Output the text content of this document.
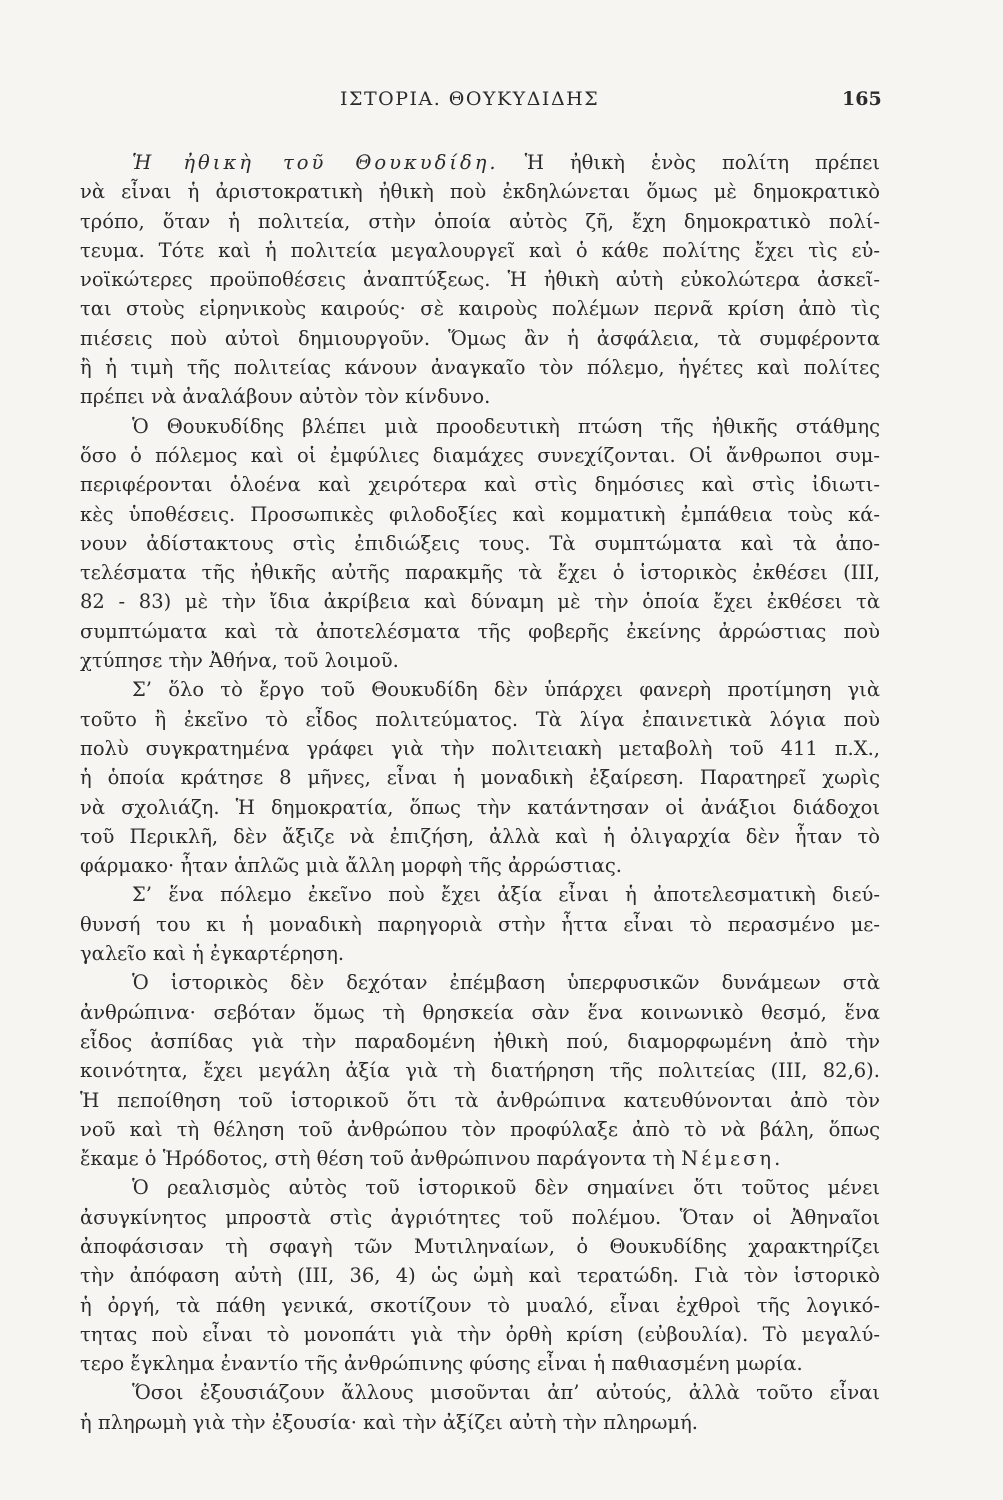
ΙΣΤΟΡΙΑ. ΘΟΥΚΥΔΙΔΗΣ	165
Ἡ ἠθικὴ τοῦ Θουκυδίδη. Ἡ ἠθικὴ ἑνὸς πολίτη πρέπει
νὰ εἶναι ἡ ἀριστοκρατικὴ ἠθικὴ ποὺ ἐκδηλώνεται ὅμως μὲ δημοκρατικὸ
τρόπο, ὅταν ἡ πολιτεία, στὴν ὁποία αὐτὸς ζῆ, ἔχη δημοκρατικὸ πολί-
τευμα. Τότε καὶ ἡ πολιτεία μεγαλουργεῖ καὶ ὁ κάθε πολίτης ἔχει τὶς εὐ-
νοϊκώτερες προϋποθέσεις ἀναπτύξεως. Ἡ ἠθικὴ αὐτὴ εὐκολώτερα ἀσκεῖ-
ται στοὺς εἰρηνικοὺς καιρούς· σὲ καιροὺς πολέμων περνᾶ κρίση ἀπὸ τὶς
πιέσεις ποὺ αὐτοὶ δημιουργοῦν. Ὅμως ἂν ἡ ἀσφάλεια, τὰ συμφέροντα
ἢ ἡ τιμὴ τῆς πολιτείας κάνουν ἀναγκαῖο τὸν πόλεμο, ἡγέτες καὶ πολίτες
πρέπει νὰ ἀναλάβουν αὐτὸν τὸν κίνδυνο.
Ὁ Θουκυδίδης βλέπει μιὰ προοδευτικὴ πτώση τῆς ἠθικῆς στάθμης
ὅσο ὁ πόλεμος καὶ οἱ ἐμφύλιες διαμάχες συνεχίζονται. Οἱ ἄνθρωποι συμ-
περιφέρονται ὁλοένα καὶ χειρότερα καὶ στὶς δημόσιες καὶ στὶς ἰδιωτι-
κὲς ὑποθέσεις. Προσωπικὲς φιλοδοξίες καὶ κομματικὴ ἐμπάθεια τοὺς κά-
νουν ἀδίστακτους στὶς ἐπιδιώξεις τους. Τὰ συμπτώματα καὶ τὰ ἀπο-
τελέσματα τῆς ἠθικῆς αὐτῆς παρακμῆς τὰ ἔχει ὁ ἱστορικὸς ἐκθέσει (III,
82 - 83) μὲ τὴν ἴδια ἀκρίβεια καὶ δύναμη μὲ τὴν ὁποία ἔχει ἐκθέσει τὰ
συμπτώματα καὶ τὰ ἀποτελέσματα τῆς φοβερῆς ἐκείνης ἀρρώστιας ποὺ
χτύπησε τὴν Ἀθήνα, τοῦ λοιμοῦ.
Σ’ ὅλο τὸ ἔργο τοῦ Θουκυδίδη δὲν ὑπάρχει φανερὴ προτίμηση γιὰ
τοῦτο ἢ ἐκεῖνο τὸ εἶδος πολιτεύματος. Τὰ λίγα ἐπαινετικὰ λόγια ποὺ
πολὺ συγκρατημένα γράφει γιὰ τὴν πολιτειακὴ μεταβολὴ τοῦ 411 π.Χ.,
ἡ ὁποία κράτησε 8 μῆνες, εἶναι ἡ μοναδικὴ ἐξαίρεση. Παρατηρεῖ χωρὶς
νὰ σχολιάζη. Ἡ δημοκρατία, ὅπως τὴν κατάντησαν οἱ ἀνάξιοι διάδοχοι
τοῦ Περικλῆ, δὲν ἄξιζε νὰ ἐπιζήση, ἀλλὰ καὶ ἡ ὀλιγαρχία δὲν ἦταν τὸ
φάρμακο· ἦταν ἁπλῶς μιὰ ἄλλη μορφὴ τῆς ἀρρώστιας.
Σ’ ἕνα πόλεμο ἐκεῖνο ποὺ ἔχει ἀξία εἶναι ἡ ἀποτελεσματικὴ διεύ-
θυνσή του κι ἡ μοναδικὴ παρηγοριὰ στὴν ἧττα εἶναι τὸ περασμένο με-
γαλεῖο καὶ ἡ ἐγκαρτέρηση.
Ὁ ἱστορικὸς δὲν δεχόταν ἐπέμβαση ὑπερφυσικῶν δυνάμεων στὰ
ἀνθρώπινα· σεβόταν ὅμως τὴ θρησκεία σὰν ἕνα κοινωνικὸ θεσμό, ἕνα
εἶδος ἀσπίδας γιὰ τὴν παραδομένη ἠθικὴ πού, διαμορφωμένη ἀπὸ τὴν
κοινότητα, ἔχει μεγάλη ἀξία γιὰ τὴ διατήρηση τῆς πολιτείας (III, 82,6).
Ἡ πεποίθηση τοῦ ἱστορικοῦ ὅτι τὰ ἀνθρώπινα κατευθύνονται ἀπὸ τὸν
νοῦ καὶ τὴ θέληση τοῦ ἀνθρώπου τὸν προφύλαξε ἀπὸ τὸ νὰ βάλη, ὅπως
ἔκαμε ὁ Ἡρόδοτος, στὴ θέση τοῦ ἀνθρώπινου παράγοντα τὴ Νέμεση.
Ὁ ρεαλισμὸς αὐτὸς τοῦ ἱστορικοῦ δὲν σημαίνει ὅτι τοῦτος μένει
ἀσυγκίνητος μπροστὰ στὶς ἀγριότητες τοῦ πολέμου. Ὅταν οἱ Ἀθηναῖοι
ἀποφάσισαν τὴ σφαγὴ τῶν Μυτιληναίων, ὁ Θουκυδίδης χαρακτηρίζει
τὴν ἀπόφαση αὐτὴ (III, 36, 4) ὡς ὠμὴ καὶ τερατώδη. Γιὰ τὸν ἱστορικὸ
ἡ ὀργή, τὰ πάθη γενικά, σκοτίζουν τὸ μυαλό, εἶναι ἐχθροὶ τῆς λογικό-
τητας ποὺ εἶναι τὸ μονοπάτι γιὰ τὴν ὀρθὴ κρίση (εὐβουλία). Τὸ μεγαλύ-
τερο ἔγκλημα ἐναντίο τῆς ἀνθρώπινης φύσης εἶναι ἡ παθιασμένη μωρία.
Ὅσοι ἐξουσιάζουν ἄλλους μισοῦνται ἀπ’ αὐτούς, ἀλλὰ τοῦτο εἶναι
ἡ πληρωμὴ γιὰ τὴν ἐξουσία· καὶ τὴν ἀξίζει αὐτὴ τὴν πληρωμή.
